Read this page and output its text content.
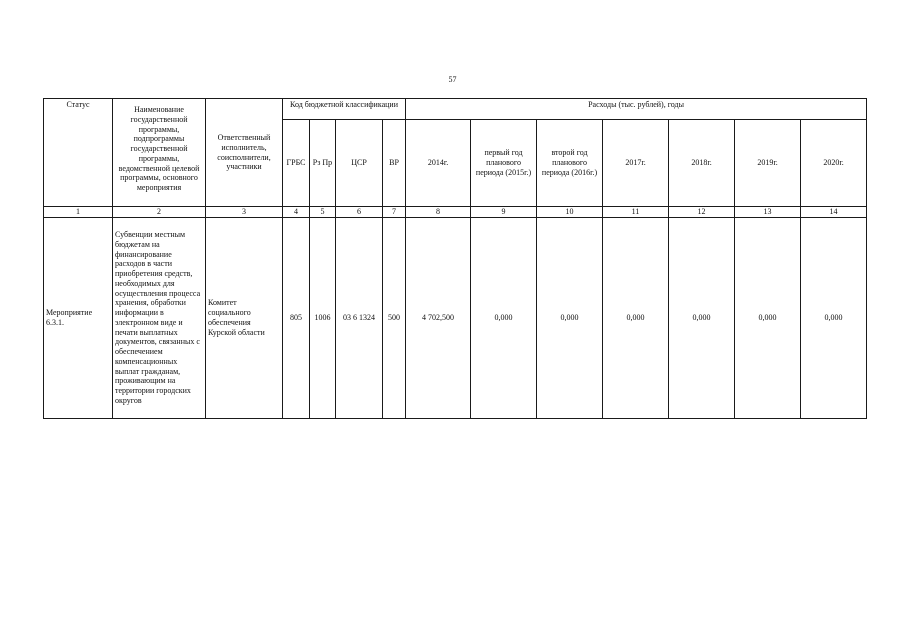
57
Статус	Наименование государственной программы, подпрограммы государственной программы, ведомственной целевой программы, основного мероприятия	Ответственный исполнитель, соисполнители, участники	Код бюджетной классификации				Расходы (тыс. рублей), годы						
			ГРБС	Рз Пр	ЦСР	ВР	2014г.	первый год планового периода (2015г.)	второй год планового периода (2016г.)	2017г.	2018г.	2019г.	2020г.
1	2	3	4	5	6	7	8	9	10	11	12	13	14
Мероприятие 6.3.1.	Субвенции местным бюджетам на финансирование расходов в части приобретения средств, необходимых для осуществления процесса хранения, обработки информации в электронном виде и печати выплатных документов, связанных с обеспечением компенсационных выплат гражданам, проживающим на территории городских округов	Комитет социального обеспечения Курской области	805	1006	03 6 1324	500	4 702,500	0,000	0,000	0,000	0,000	0,000	0,000
